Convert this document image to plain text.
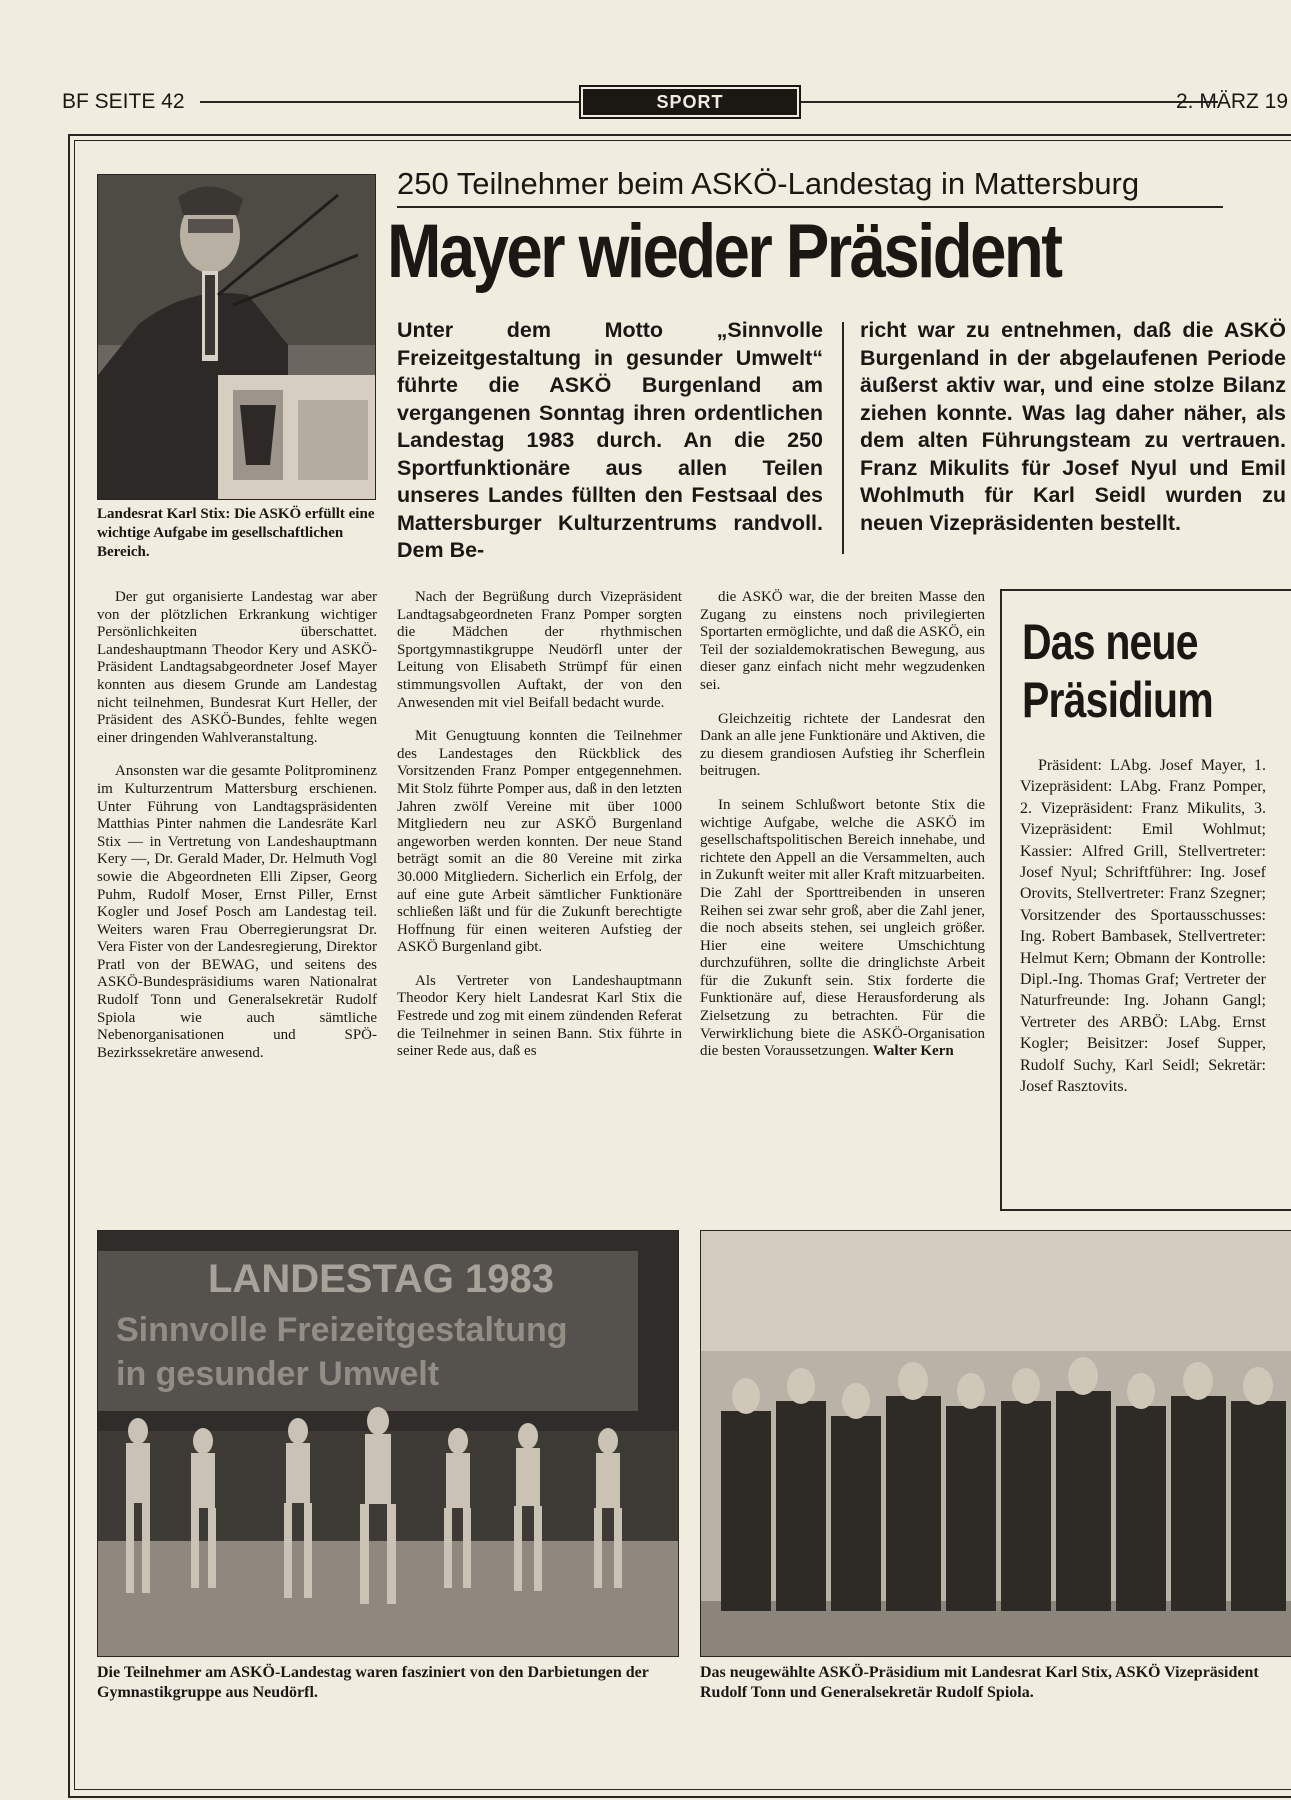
BF SEITE 42	2. MÄRZ 19
SPORT
Landesrat Karl Stix: Die ASKÖ erfüllt eine wichtige Aufgabe im gesellschaftlichen Bereich.
250 Teilnehmer beim ASKÖ-Landestag in Mattersburg
Mayer wieder Präsident

Unter dem Motto „Sinnvolle Freizeitgestaltung in gesunder Umwelt“ führte die ASKÖ Burgenland am vergangenen Sonntag ihren ordentlichen Landestag 1983 durch. An die 250 Sportfunktionäre aus allen Teilen unseres Landes füllten den Festsaal des Mattersburger Kulturzentrums randvoll. Dem Be-

richt war zu entnehmen, daß die ASKÖ Burgenland in der abgelaufenen Periode äußerst aktiv war, und eine stolze Bilanz ziehen konnte. Was lag daher näher, als dem alten Führungsteam zu vertrauen. Franz Mikulits für Josef Nyul und Emil Wohlmuth für Karl Seidl wurden zu neuen Vizepräsidenten bestellt.

Der gut organisierte Landestag war aber von der plötzlichen Erkrankung wichtiger Persönlichkeiten überschattet. Landeshauptmann Theodor Kery und ASKÖ-Präsident Landtagsabgeordneter Josef Mayer konnten aus diesem Grunde am Landestag nicht teilnehmen, Bundesrat Kurt Heller, der Präsident des ASKÖ-Bundes, fehlte wegen einer dringenden Wahlveranstaltung.

Ansonsten war die gesamte Politprominenz im Kulturzentrum Mattersburg erschienen. Unter Führung von Landtagspräsidenten Matthias Pinter nahmen die Landesräte Karl Stix — in Vertretung von Landeshauptmann Kery —, Dr. Gerald Mader, Dr. Helmuth Vogl sowie die Abgeordneten Elli Zipser, Georg Puhm, Rudolf Moser, Ernst Piller, Ernst Kogler und Josef Posch am Landestag teil. Weiters waren Frau Oberregierungsrat Dr. Vera Fister von der Landesregierung, Direktor Pratl von der BEWAG, und seitens des ASKÖ-Bundespräsidiums waren Nationalrat Rudolf Tonn und Generalsekretär Rudolf Spiola wie auch sämtliche Nebenorganisationen und SPÖ-Bezirkssekretäre anwesend.

Nach der Begrüßung durch Vizepräsident Landtagsabgeordneten Franz Pomper sorgten die Mädchen der rhythmischen Sportgymnastikgruppe Neudörfl unter der Leitung von Elisabeth Strümpf für einen stimmungsvollen Auftakt, der von den Anwesenden mit viel Beifall bedacht wurde.

Mit Genugtuung konnten die Teilnehmer des Landestages den Rückblick des Vorsitzenden Franz Pomper entgegennehmen. Mit Stolz führte Pomper aus, daß in den letzten Jahren zwölf Vereine mit über 1000 Mitgliedern neu zur ASKÖ Burgenland angeworben werden konnten. Der neue Stand beträgt somit an die 80 Vereine mit zirka 30.000 Mitgliedern. Sicherlich ein Erfolg, der auf eine gute Arbeit sämtlicher Funktionäre schließen läßt und für die Zukunft berechtigte Hoffnung für einen weiteren Aufstieg der ASKÖ Burgenland gibt.

Als Vertreter von Landeshauptmann Theodor Kery hielt Landesrat Karl Stix die Festrede und zog mit einem zündenden Referat die Teilnehmer in seinen Bann. Stix führte in seiner Rede aus, daß es

die ASKÖ war, die der breiten Masse den Zugang zu einstens noch privilegierten Sportarten ermöglichte, und daß die ASKÖ, ein Teil der sozialdemokratischen Bewegung, aus dieser ganz einfach nicht mehr wegzudenken sei.

Gleichzeitig richtete der Landesrat den Dank an alle jene Funktionäre und Aktiven, die zu diesem grandiosen Aufstieg ihr Scherflein beitrugen.

In seinem Schlußwort betonte Stix die wichtige Aufgabe, welche die ASKÖ im gesellschaftspolitischen Bereich innehabe, und richtete den Appell an die Versammelten, auch in Zukunft weiter mit aller Kraft mitzuarbeiten. Die Zahl der Sporttreibenden in unseren Reihen sei zwar sehr groß, aber die Zahl jener, die noch abseits stehen, sei ungleich größer. Hier eine weitere Umschichtung durchzuführen, sollte die dringlichste Arbeit für die Zukunft sein. Stix forderte die Funktionäre auf, diese Herausforderung als Zielsetzung zu betrachten. Für die Verwirklichung biete die ASKÖ-Organisation die besten Voraussetzungen. Walter Kern

Das neue
Präsidium
Präsident: LAbg. Josef Mayer, 1. Vizepräsident: LAbg. Franz Pomper, 2. Vizepräsident: Franz Mikulits, 3. Vizepräsident: Emil Wohlmut; Kassier: Alfred Grill, Stellvertreter: Josef Nyul; Schriftführer: Ing. Josef Orovits, Stellvertreter: Franz Szegner; Vorsitzender des Sportausschusses: Ing. Robert Bambasek, Stellvertreter: Helmut Kern; Obmann der Kontrolle: Dipl.-Ing. Thomas Graf; Vertreter der Naturfreunde: Ing. Johann Gangl; Vertreter des ARBÖ: LAbg. Ernst Kogler; Beisitzer: Josef Supper, Rudolf Suchy, Karl Seidl; Sekretär: Josef Rasztovits.
LANDESTAG 1983
Sinnvolle Freizeitgestaltung
in gesunder Umwelt
Die Teilnehmer am ASKÖ-Landestag waren fasziniert von den Darbietungen der Gymnastikgruppe aus Neudörfl.
Das neugewählte ASKÖ-Präsidium mit Landesrat Karl Stix, ASKÖ Vizepräsident Rudolf Tonn und Generalsekretär Rudolf Spiola.
